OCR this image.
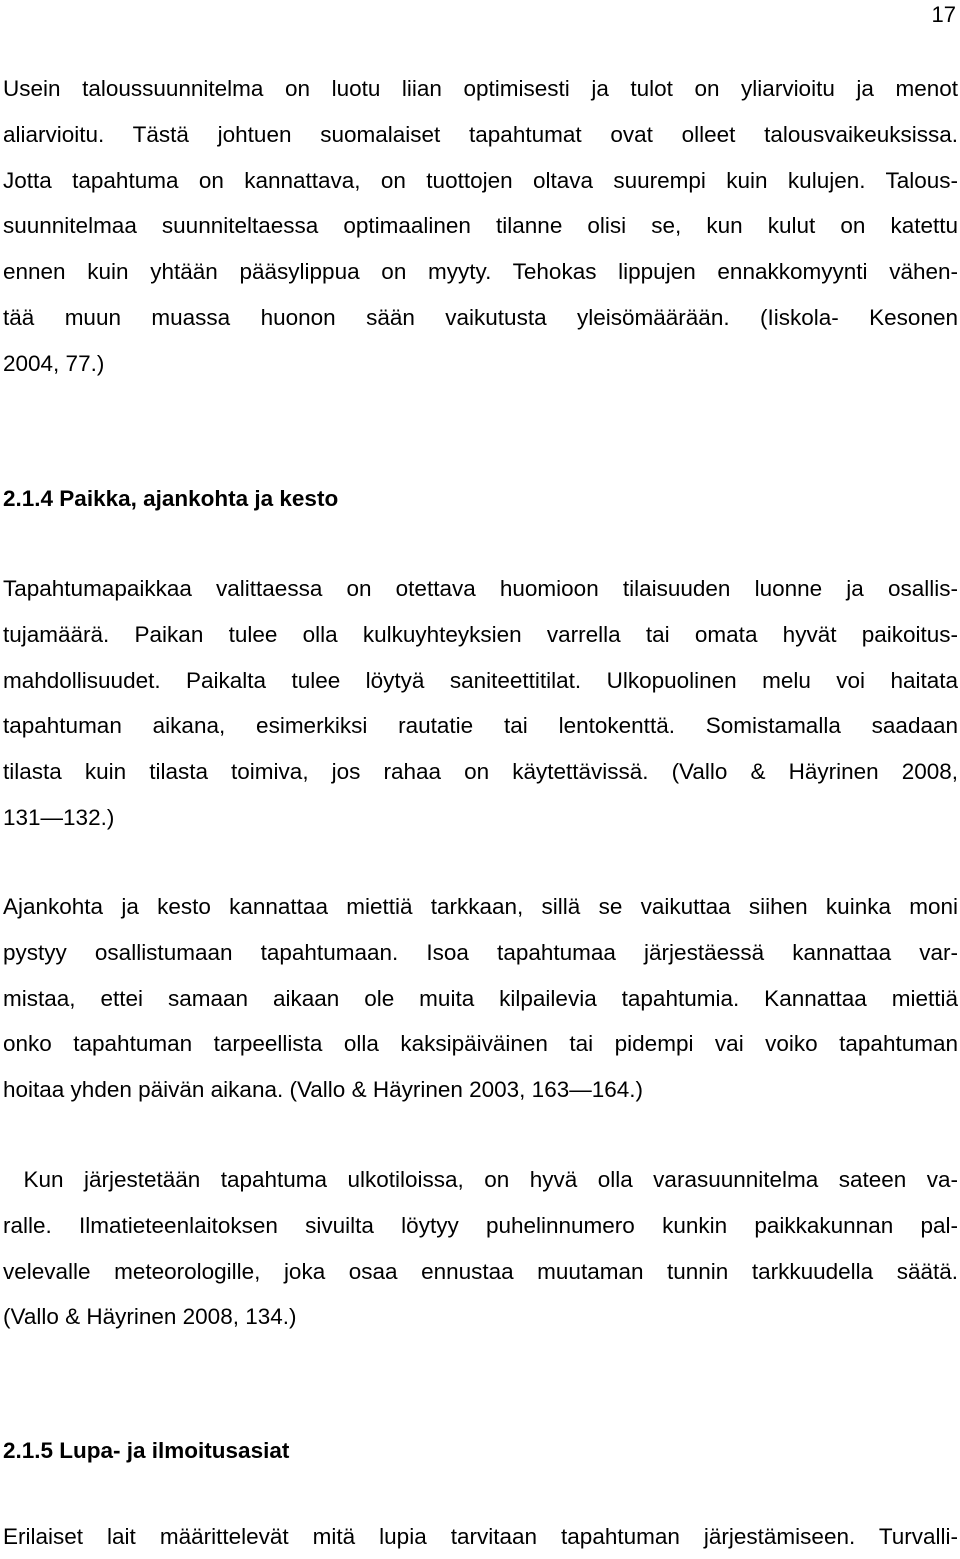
17
Usein taloussuunnitelma on luotu liian optimisesti ja tulot on yliarvioitu ja menot
aliarvioitu. Tästä johtuen suomalaiset tapahtumat ovat olleet talousvaikeuksissa.
Jotta tapahtuma on kannattava, on tuottojen oltava suurempi kuin kulujen. Talous-
suunnitelmaa suunniteltaessa optimaalinen tilanne olisi se, kun kulut on katettu
ennen kuin yhtään pääsylippua on myyty. Tehokas lippujen ennakkomyynti vähen-
tää muun muassa huonon sään vaikutusta yleisömäärään. (Iiskola- Kesonen
2004, 77.)
2.1.4 Paikka, ajankohta ja kesto
Tapahtumapaikkaa valittaessa on otettava huomioon tilaisuuden luonne ja osallis-
tujamäärä. Paikan tulee olla kulkuyhteyksien varrella tai omata hyvät paikoitus-
mahdollisuudet. Paikalta tulee löytyä saniteettitilat. Ulkopuolinen melu voi haitata
tapahtuman aikana, esimerkiksi rautatie tai lentokenttä. Somistamalla saadaan
tilasta kuin tilasta toimiva, jos rahaa on käytettävissä. (Vallo & Häyrinen 2008,
131—132.)
Ajankohta ja kesto kannattaa miettiä tarkkaan, sillä se vaikuttaa siihen kuinka moni
pystyy osallistumaan tapahtumaan. Isoa tapahtumaa järjestäessä kannattaa var-
mistaa, ettei samaan aikaan ole muita kilpailevia tapahtumia. Kannattaa miettiä
onko tapahtuman tarpeellista olla kaksipäiväinen tai pidempi vai voiko tapahtuman
hoitaa yhden päivän aikana. (Vallo & Häyrinen 2003, 163—164.)
Kun järjestetään tapahtuma ulkotiloissa, on hyvä olla varasuunnitelma sateen va-
ralle. Ilmatieteenlaitoksen sivuilta löytyy puhelinnumero kunkin paikkakunnan pal-
velevalle meteorologille, joka osaa ennustaa muutaman tunnin tarkkuudella säätä.
(Vallo & Häyrinen 2008, 134.)
2.1.5 Lupa- ja ilmoitusasiat
Erilaiset lait määrittelevät mitä lupia tarvitaan tapahtuman järjestämiseen. Turvalli-
